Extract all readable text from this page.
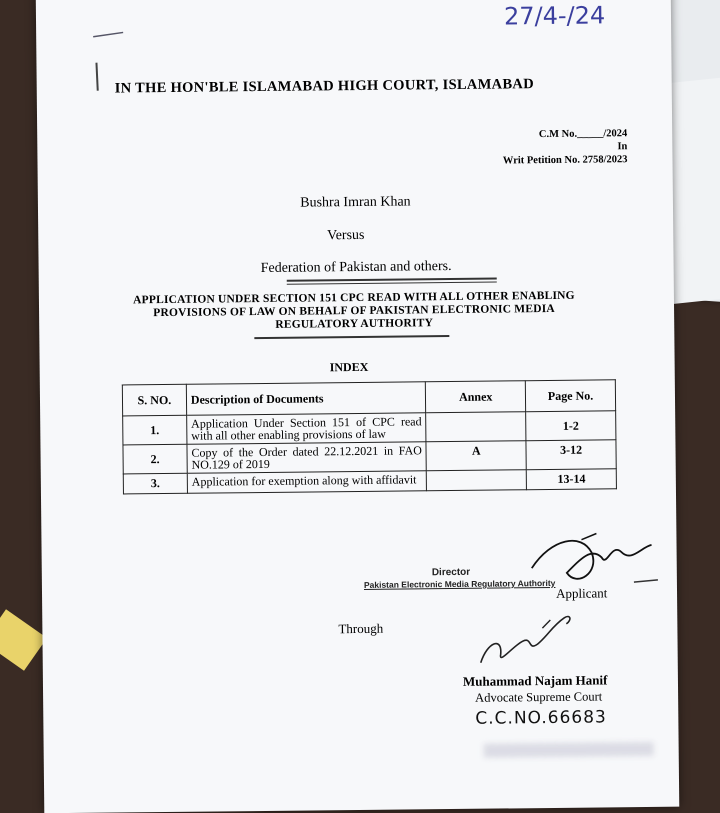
27/4-/24
IN THE HON'BLE ISLAMABAD HIGH COURT, ISLAMABAD
C.M No._____/2024
In
Writ Petition No. 2758/2023
Bushra Imran Khan
Versus
Federation of Pakistan and others.
APPLICATION UNDER SECTION 151 CPC READ WITH ALL OTHER ENABLING
PROVISIONS OF LAW ON BEHALF OF PAKISTAN ELECTRONIC MEDIA
REGULATORY AUTHORITY
INDEX
S. NO.	Description of Documents	Annex	Page No.
1.	Application Under Section 151 of CPC read with all other enabling provisions of law		1-2
2.	Copy of the Order dated 22.12.2021 in FAO NO.129 of 2019	A	3-12
3.	Application for exemption along with affidavit		13-14
Director
Pakistan Electronic Media Regulatory Authority
Applicant
Through
Muhammad Najam Hanif
Advocate Supreme Court
C.C.NO.66683
